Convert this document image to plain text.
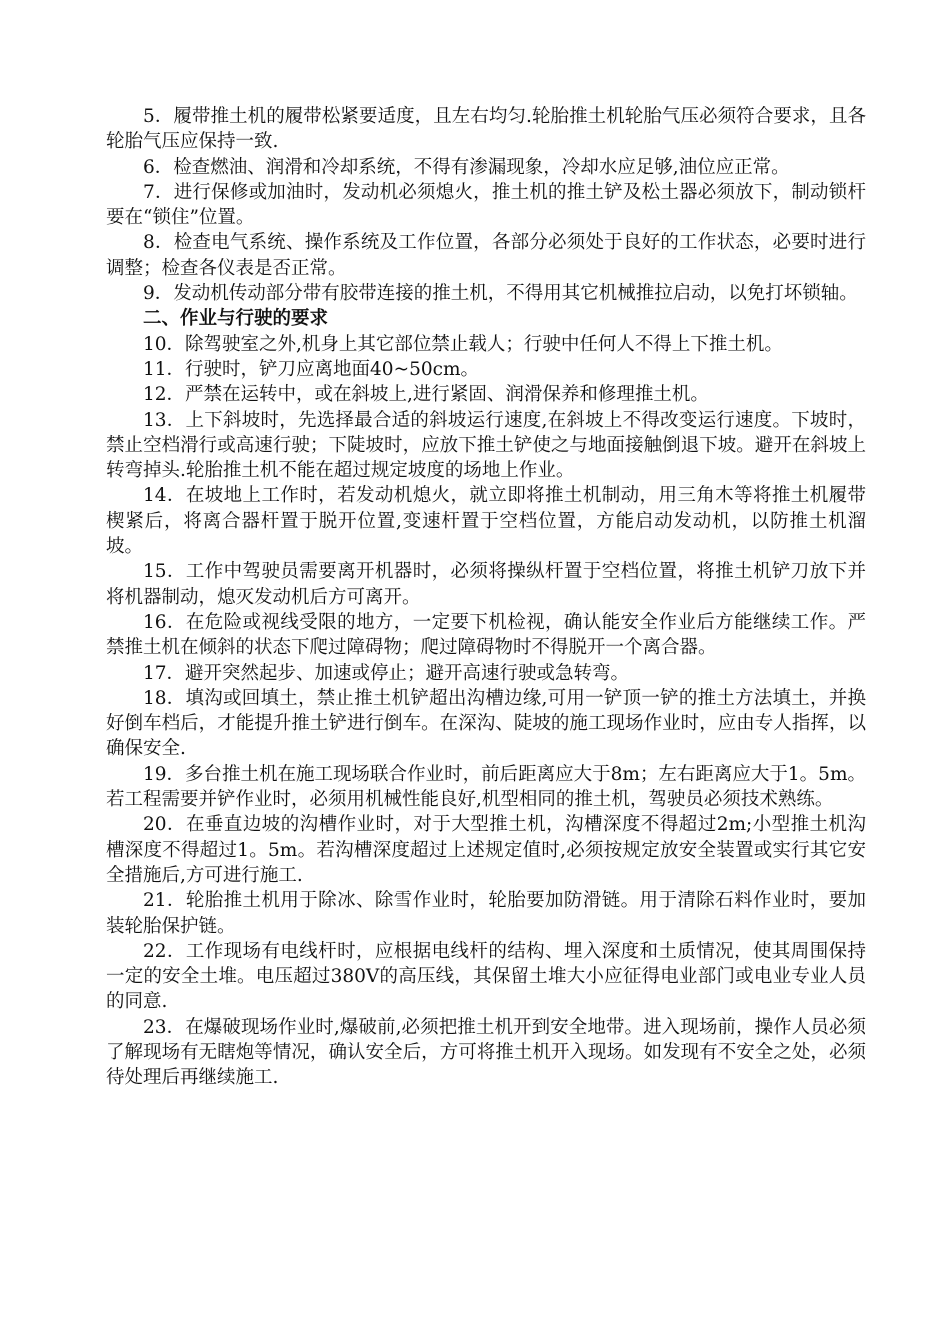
5．履带推土机的履带松紧要适度，且左右均匀.轮胎推土机轮胎气压必须符合要求，且各轮胎气压应保持一致.

6．检查燃油、润滑和冷却系统，不得有渗漏现象，冷却水应足够,油位应正常。

7．进行保修或加油时，发动机必须熄火，推土机的推土铲及松土器必须放下，制动锁杆要在“锁住”位置。

8．检查电气系统、操作系统及工作位置，各部分必须处于良好的工作状态，必要时进行调整；检查各仪表是否正常。

9．发动机传动部分带有胶带连接的推土机，不得用其它机械推拉启动，以免打坏锁轴。

二、作业与行驶的要求

10．除驾驶室之外,机身上其它部位禁止载人；行驶中任何人不得上下推土机。

11．行驶时，铲刀应离地面40~50cm。

12．严禁在运转中，或在斜坡上,进行紧固、润滑保养和修理推土机。

13．上下斜坡时，先选择最合适的斜坡运行速度,在斜坡上不得改变运行速度。下坡时，禁止空档滑行或高速行驶；下陡坡时，应放下推土铲使之与地面接触倒退下坡。避开在斜坡上转弯掉头.轮胎推土机不能在超过规定坡度的场地上作业。

14．在坡地上工作时，若发动机熄火，就立即将推土机制动，用三角木等将推土机履带楔紧后，将离合器杆置于脱开位置,变速杆置于空档位置，方能启动发动机，以防推土机溜坡。

15．工作中驾驶员需要离开机器时，必须将操纵杆置于空档位置，将推土机铲刀放下并将机器制动，熄灭发动机后方可离开。

16．在危险或视线受限的地方，一定要下机检视，确认能安全作业后方能继续工作。严禁推土机在倾斜的状态下爬过障碍物；爬过障碍物时不得脱开一个离合器。

17．避开突然起步、加速或停止；避开高速行驶或急转弯。

18．填沟或回填土，禁止推土机铲超出沟槽边缘,可用一铲顶一铲的推土方法填土，并换好倒车档后，才能提升推土铲进行倒车。在深沟、陡坡的施工现场作业时，应由专人指挥，以确保安全.

19．多台推土机在施工现场联合作业时，前后距离应大于8m；左右距离应大于1。5m。若工程需要并铲作业时，必须用机械性能良好,机型相同的推土机，驾驶员必须技术熟练。

20．在垂直边坡的沟槽作业时，对于大型推土机，沟槽深度不得超过2m;小型推土机沟槽深度不得超过1。5m。若沟槽深度超过上述规定值时,必须按规定放安全装置或实行其它安全措施后,方可进行施工.

21．轮胎推土机用于除冰、除雪作业时，轮胎要加防滑链。用于清除石料作业时，要加装轮胎保护链。

22．工作现场有电线杆时，应根据电线杆的结构、埋入深度和土质情况，使其周围保持一定的安全土堆。电压超过380V的高压线，其保留土堆大小应征得电业部门或电业专业人员的同意.

23．在爆破现场作业时,爆破前,必须把推土机开到安全地带。进入现场前，操作人员必须了解现场有无瞎炮等情况，确认安全后，方可将推土机开入现场。如发现有不安全之处，必须待处理后再继续施工.
